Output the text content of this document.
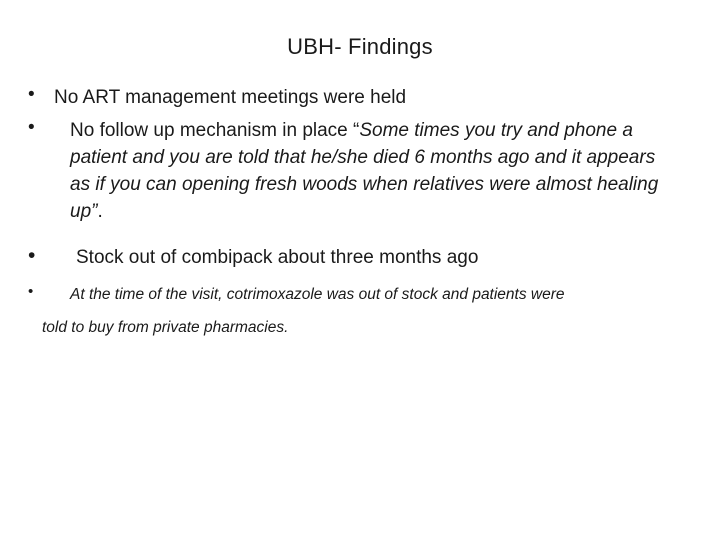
UBH- Findings
•	No ART management meetings were held
•	No follow up mechanism in place “Some times you try and phone a patient and you are told that he/she died 6 months ago and it appears as if you can opening fresh woods when relatives were almost healing up”.
•	Stock out of combipack about three months ago
•	At the time of the visit, cotrimoxazole was out of stock and patients were
told to buy from private pharmacies.
